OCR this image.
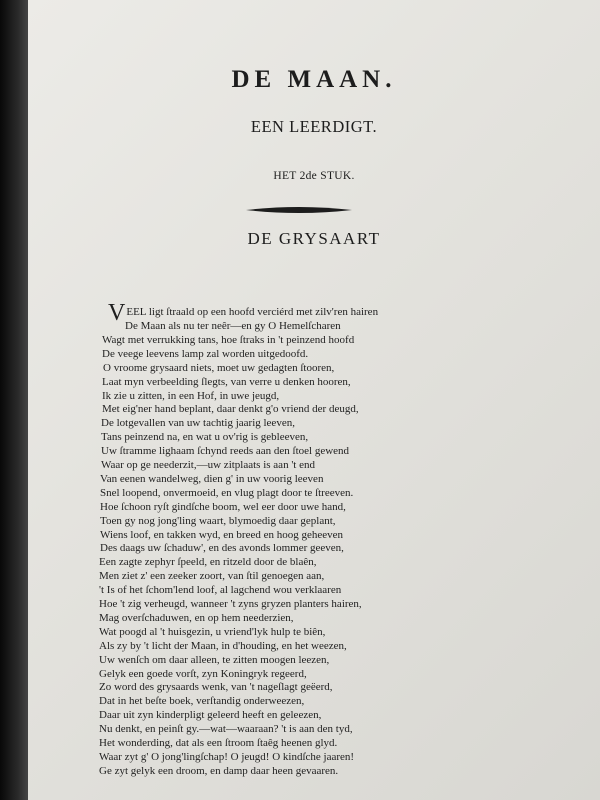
DE MAAN.
EEN LEERDIGT.
HET 2de STUK.
DE GRYSAART
VEEL ligt ſtraald op een hoofd verciérd met zilv'ren hairen
De Maan als nu ter neêr—en gy O Hemelſcharen
Wagt met verrukking tans, hoe ſtraks in 't peinzend hoofd
De veege leevens lamp zal worden uitgedoofd.
O vroome grysaard niets, moet uw gedagten ſtooren,
Laat myn verbeelding ſlegts, van verre u denken hooren,
Ik zie u zitten, in een Hof, in uwe jeugd,
Met eig'ner hand beplant, daar denkt g'o vriend der deugd,
De lotgevallen van uw tachtig jaarig leeven,
Tans peinzend na, en wat u ov'rig is gebleeven,
Uw ſtramme lighaam ſchynd reeds aan den ſtoel gewend
Waar op ge neederzit,—uw zitplaats is aan 't end
Van eenen wandelweg, dien g' in uw voorig leeven
Snel loopend, onvermoeid, en vlug plagt door te ſtreeven.
Hoe ſchoon ryſt gindſche boom, wel eer door uwe hand,
Toen gy nog jong'ling waart, blymoedig daar geplant,
Wiens loof, en takken wyd, en breed en hoog geheeven
Des daags uw ſchaduw', en des avonds lommer geeven,
Een zagte zephyr ſpeeld, en ritzeld door de blaên,
Men ziet z' een zeeker zoort, van ſtil genoegen aan,
't Is of het ſchom'lend loof, al lagchend wou verklaaren
Hoe 't zig verheugd, wanneer 't zyns gryzen planters hairen,
Mag overſchaduwen, en op hem neederzien,
Wat poogd al 't huisgezin, u vriend'lyk hulp te biên,
Als zy by 't licht der Maan, in d'houding, en het weezen,
Uw wenſch om daar alleen, te zitten moogen leezen,
Gelyk een goede vorſt, zyn Koningryk regeerd,
Zo word des grysaards wenk, van 't nageſlagt geëerd,
Dat in het beſte boek, verſtandig onderweezen,
Daar uit zyn kinderpligt geleerd heeft en geleezen,
Nu denkt, en peinſt gy.—wat—waaraan? 't is aan den tyd,
Het wonderding, dat als een ſtroom ſtaêg heenen glyd.
Waar zyt g' O jong'lingſchap! O jeugd! O kindſche jaaren!
Ge zyt gelyk een droom, en damp daar heen gevaaren.
